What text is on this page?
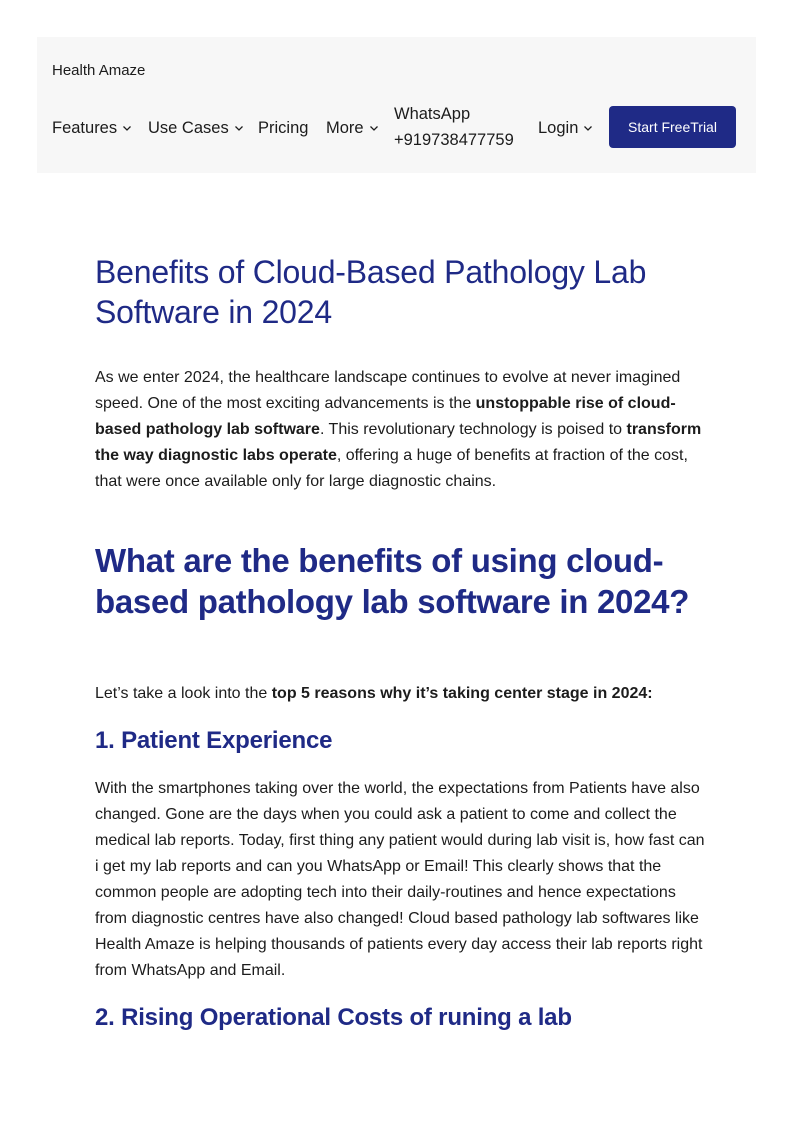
Health Amaze
Features Use Cases Pricing More
WhatsApp
+919738477759
Login	Start FreeTrial
Benefits of Cloud-Based Pathology Lab
Software in 2024

As we enter 2024, the healthcare landscape continues to evolve at never imagined speed. One of the most exciting advancements is the unstoppable rise of cloud-based pathology lab software. This revolutionary technology is poised to transform the way diagnostic labs operate, offering a huge of benefits at fraction of the cost, that were once available only for large diagnostic chains.

What are the benefits of using cloud-based pathology lab software in 2024?

Let’s take a look into the top 5 reasons why it’s taking center stage in 2024:

1. Patient Experience

With the smartphones taking over the world, the expectations from Patients have also changed. Gone are the days when you could ask a patient to come and collect the medical lab reports. Today, first thing any patient would during lab visit is, how fast can i get my lab reports and can you WhatsApp or Email! This clearly shows that the common people are adopting tech into their daily-routines and hence expectations from diagnostic centres have also changed! Cloud based pathology lab softwares like Health Amaze is helping thousands of patients every day access their lab reports right from WhatsApp and Email.

2. Rising Operational Costs of runing a lab
